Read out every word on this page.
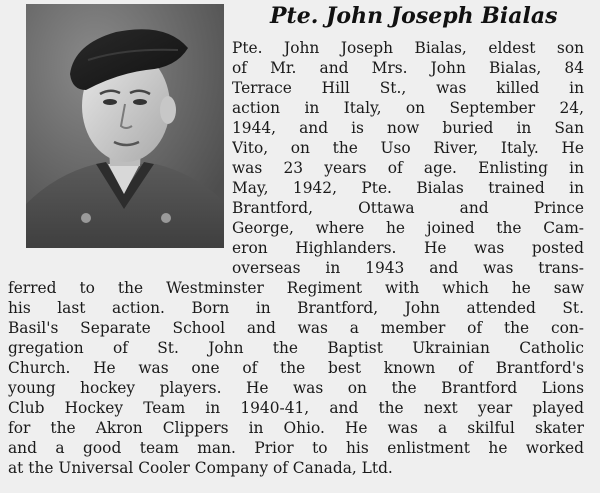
Pte. John Joseph Bialas
Pte. John Joseph Bialas, eldest son
of Mr. and Mrs. John Bialas, 84
Terrace Hill St., was killed in
action in Italy, on September 24,
1944, and is now buried in San
Vito, on the Uso River, Italy. He
was 23 years of age. Enlisting in
May, 1942, Pte. Bialas trained in
Brantford, Ottawa and Prince
George, where he joined the Cam-
eron Highlanders. He was posted
overseas in 1943 and was trans-
ferred to the Westminster Regiment with which he saw
his last action. Born in Brantford, John attended St.
Basil's Separate School and was a member of the con-
gregation of St. John the Baptist Ukrainian Catholic
Church. He was one of the best known of Brantford's
young hockey players. He was on the Brantford Lions
Club Hockey Team in 1940-41, and the next year played
for the Akron Clippers in Ohio. He was a skilful skater
and a good team man. Prior to his enlistment he worked
at the Universal Cooler Company of Canada, Ltd.
